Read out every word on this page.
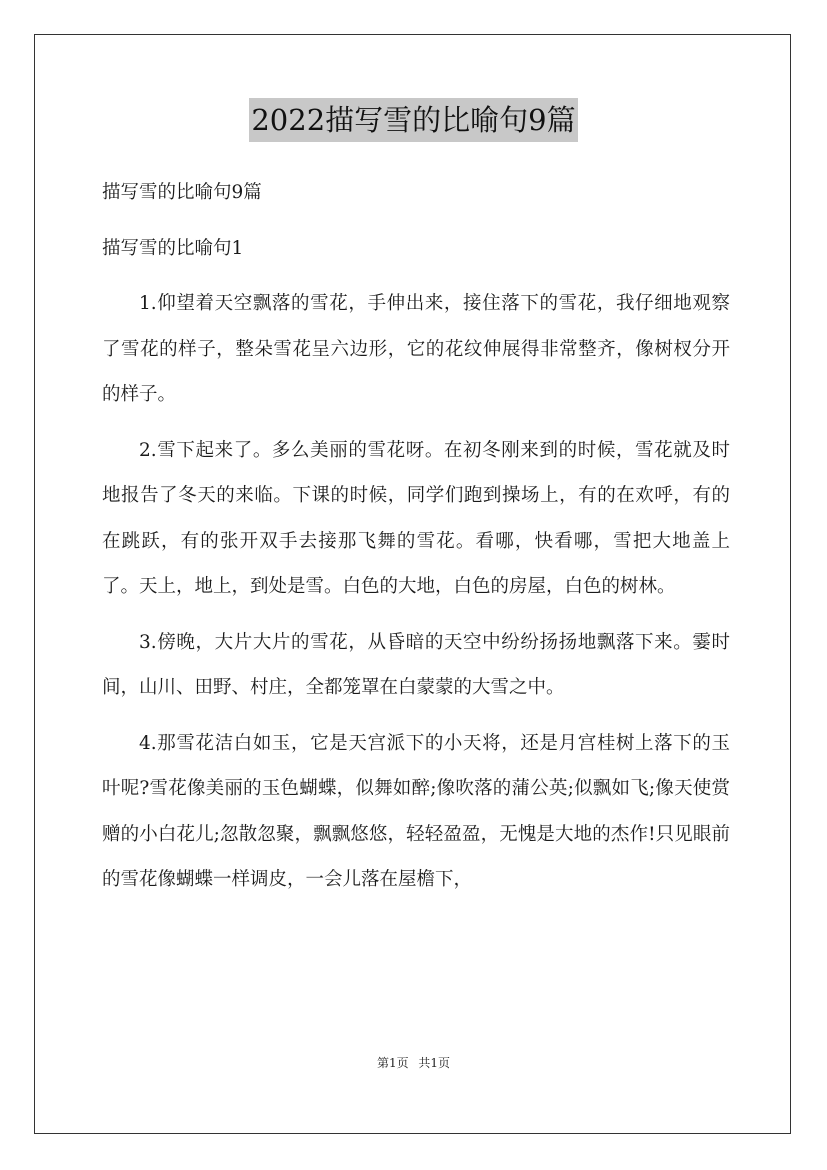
2022描写雪的比喻句9篇

描写雪的比喻句9篇

描写雪的比喻句1

1.仰望着天空飘落的雪花，手伸出来，接住落下的雪花，我仔细地观察了雪花的样子，整朵雪花呈六边形，它的花纹伸展得非常整齐，像树杈分开的样子。

2.雪下起来了。多么美丽的雪花呀。在初冬刚来到的时候，雪花就及时地报告了冬天的来临。下课的时候，同学们跑到操场上，有的在欢呼，有的在跳跃，有的张开双手去接那飞舞的雪花。看哪，快看哪，雪把大地盖上了。天上，地上，到处是雪。白色的大地，白色的房屋，白色的树林。

3.傍晚，大片大片的雪花，从昏暗的天空中纷纷扬扬地飘落下来。霎时间，山川、田野、村庄，全都笼罩在白蒙蒙的大雪之中。

4.那雪花洁白如玉，它是天宫派下的小天将，还是月宫桂树上落下的玉叶呢?雪花像美丽的玉色蝴蝶，似舞如醉;像吹落的蒲公英;似飘如飞;像天使赏赠的小白花儿;忽散忽聚，飘飘悠悠，轻轻盈盈，无愧是大地的杰作!只见眼前的雪花像蝴蝶一样调皮，一会儿落在屋檐下，

第1页 共1页
